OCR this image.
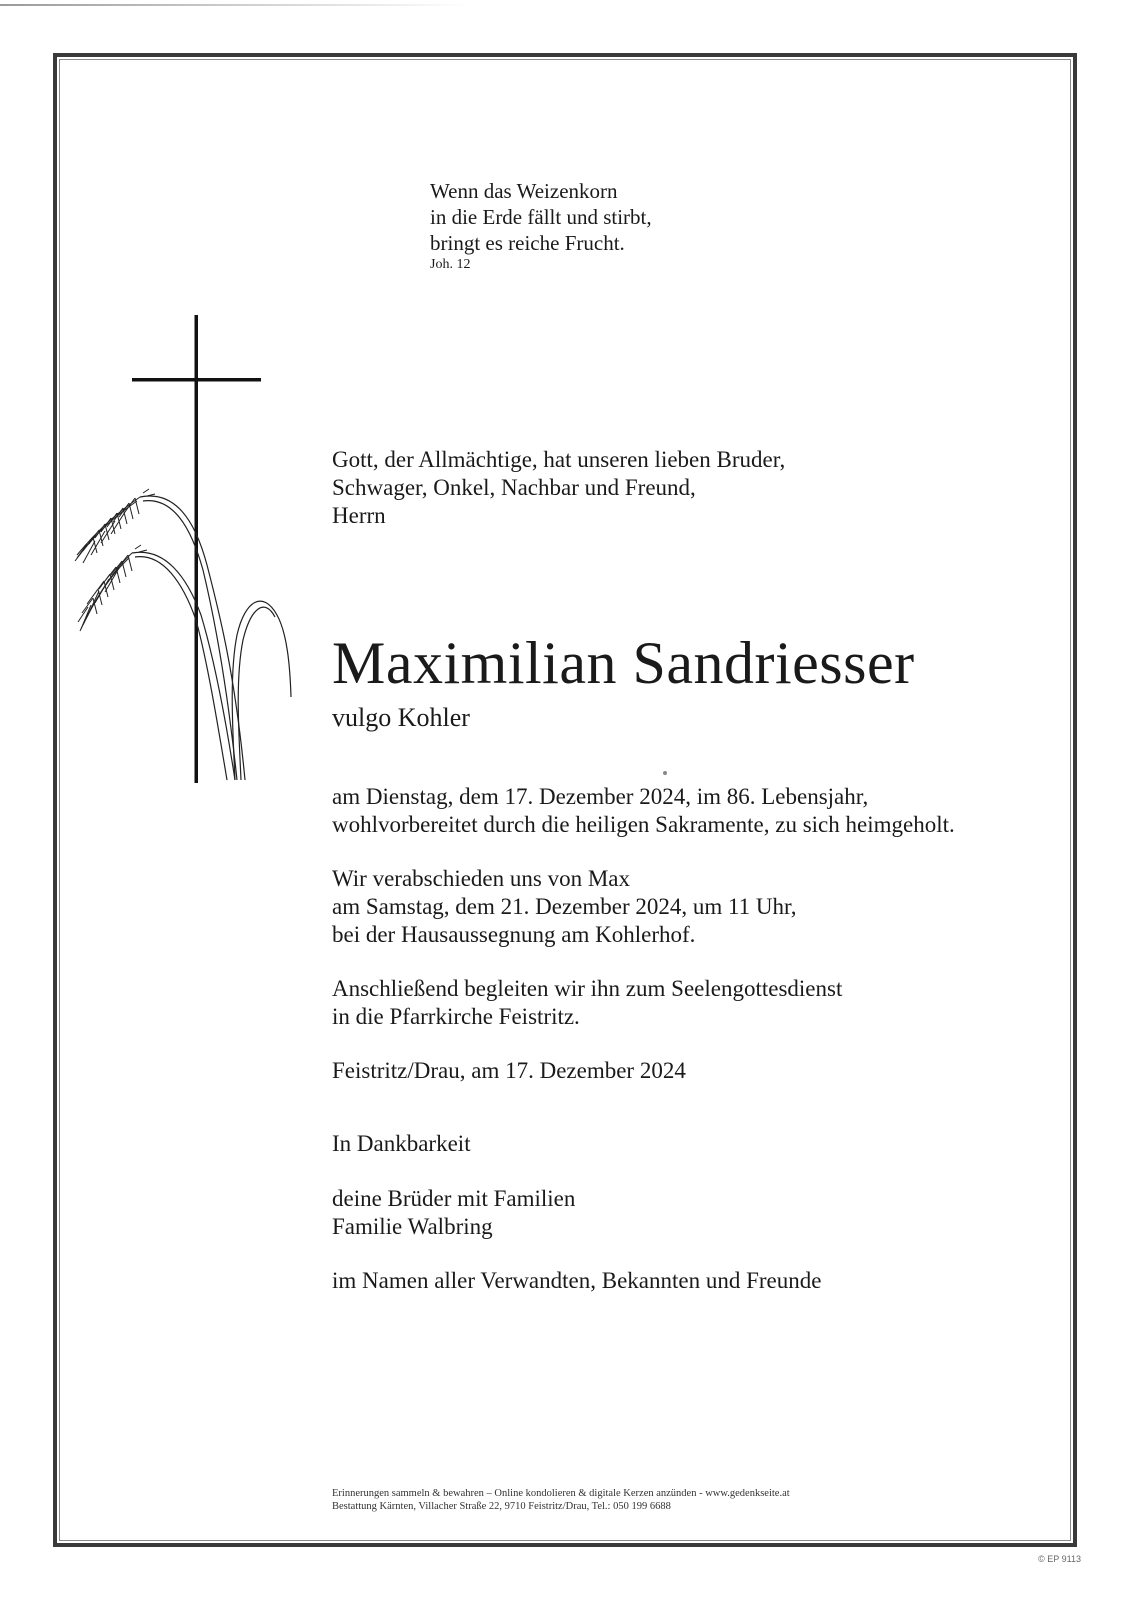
Wenn das Weizenkorn
in die Erde fällt und stirbt,
bringt es reiche Frucht.
Joh. 12
Gott, der Allmächtige, hat unseren lieben Bruder,
Schwager, Onkel, Nachbar und Freund,
Herrn
Maximilian Sandriesser
vulgo Kohler
am Dienstag, dem 17. Dezember 2024, im 86. Lebensjahr,
wohlvorbereitet durch die heiligen Sakramente, zu sich heimgeholt.
Wir verabschieden uns von Max
am Samstag, dem 21. Dezember 2024, um 11 Uhr,
bei der Hausaussegnung am Kohlerhof.
Anschließend begleiten wir ihn zum Seelengottesdienst
in die Pfarrkirche Feistritz.
Feistritz/Drau, am 17. Dezember 2024
In Dankbarkeit
deine Brüder mit Familien
Familie Walbring
im Namen aller Verwandten, Bekannten und Freunde
Erinnerungen sammeln & bewahren – Online kondolieren & digitale Kerzen anzünden - www.gedenkseite.at
Bestattung Kärnten, Villacher Straße 22, 9710 Feistritz/Drau, Tel.: 050 199 6688
© EP 9113
